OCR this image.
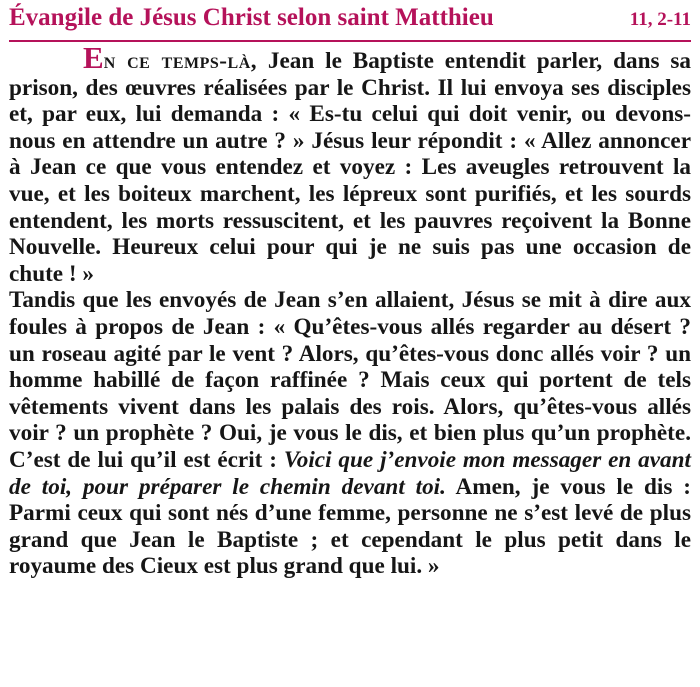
Évangile de Jésus Christ selon saint Matthieu	11, 2-11

En ce temps-là, Jean le Baptiste entendit parler, dans sa prison, des œuvres réalisées par le Christ. Il lui envoya ses disciples et, par eux, lui demanda : « Es-tu celui qui doit venir, ou devons-nous en attendre un autre ? » Jésus leur répondit : « Allez annoncer à Jean ce que vous entendez et voyez : Les aveugles retrouvent la vue, et les boiteux marchent, les lépreux sont purifiés, et les sourds entendent, les morts ressuscitent, et les pauvres reçoivent la Bonne Nouvelle. Heureux celui pour qui je ne suis pas une occasion de chute ! »

Tandis que les envoyés de Jean s’en allaient, Jésus se mit à dire aux foules à propos de Jean : « Qu’êtes-vous allés regarder au désert ? un roseau agité par le vent ? Alors, qu’êtes-vous donc allés voir ? un homme habillé de façon raffinée ? Mais ceux qui portent de tels vêtements vivent dans les palais des rois. Alors, qu’êtes-vous allés voir ? un prophète ? Oui, je vous le dis, et bien plus qu’un prophète. C’est de lui qu’il est écrit : Voici que j’envoie mon messager en avant de toi, pour préparer le chemin devant toi. Amen, je vous le dis : Parmi ceux qui sont nés d’une femme, personne ne s’est levé de plus grand que Jean le Baptiste ; et cependant le plus petit dans le royaume des Cieux est plus grand que lui. »
